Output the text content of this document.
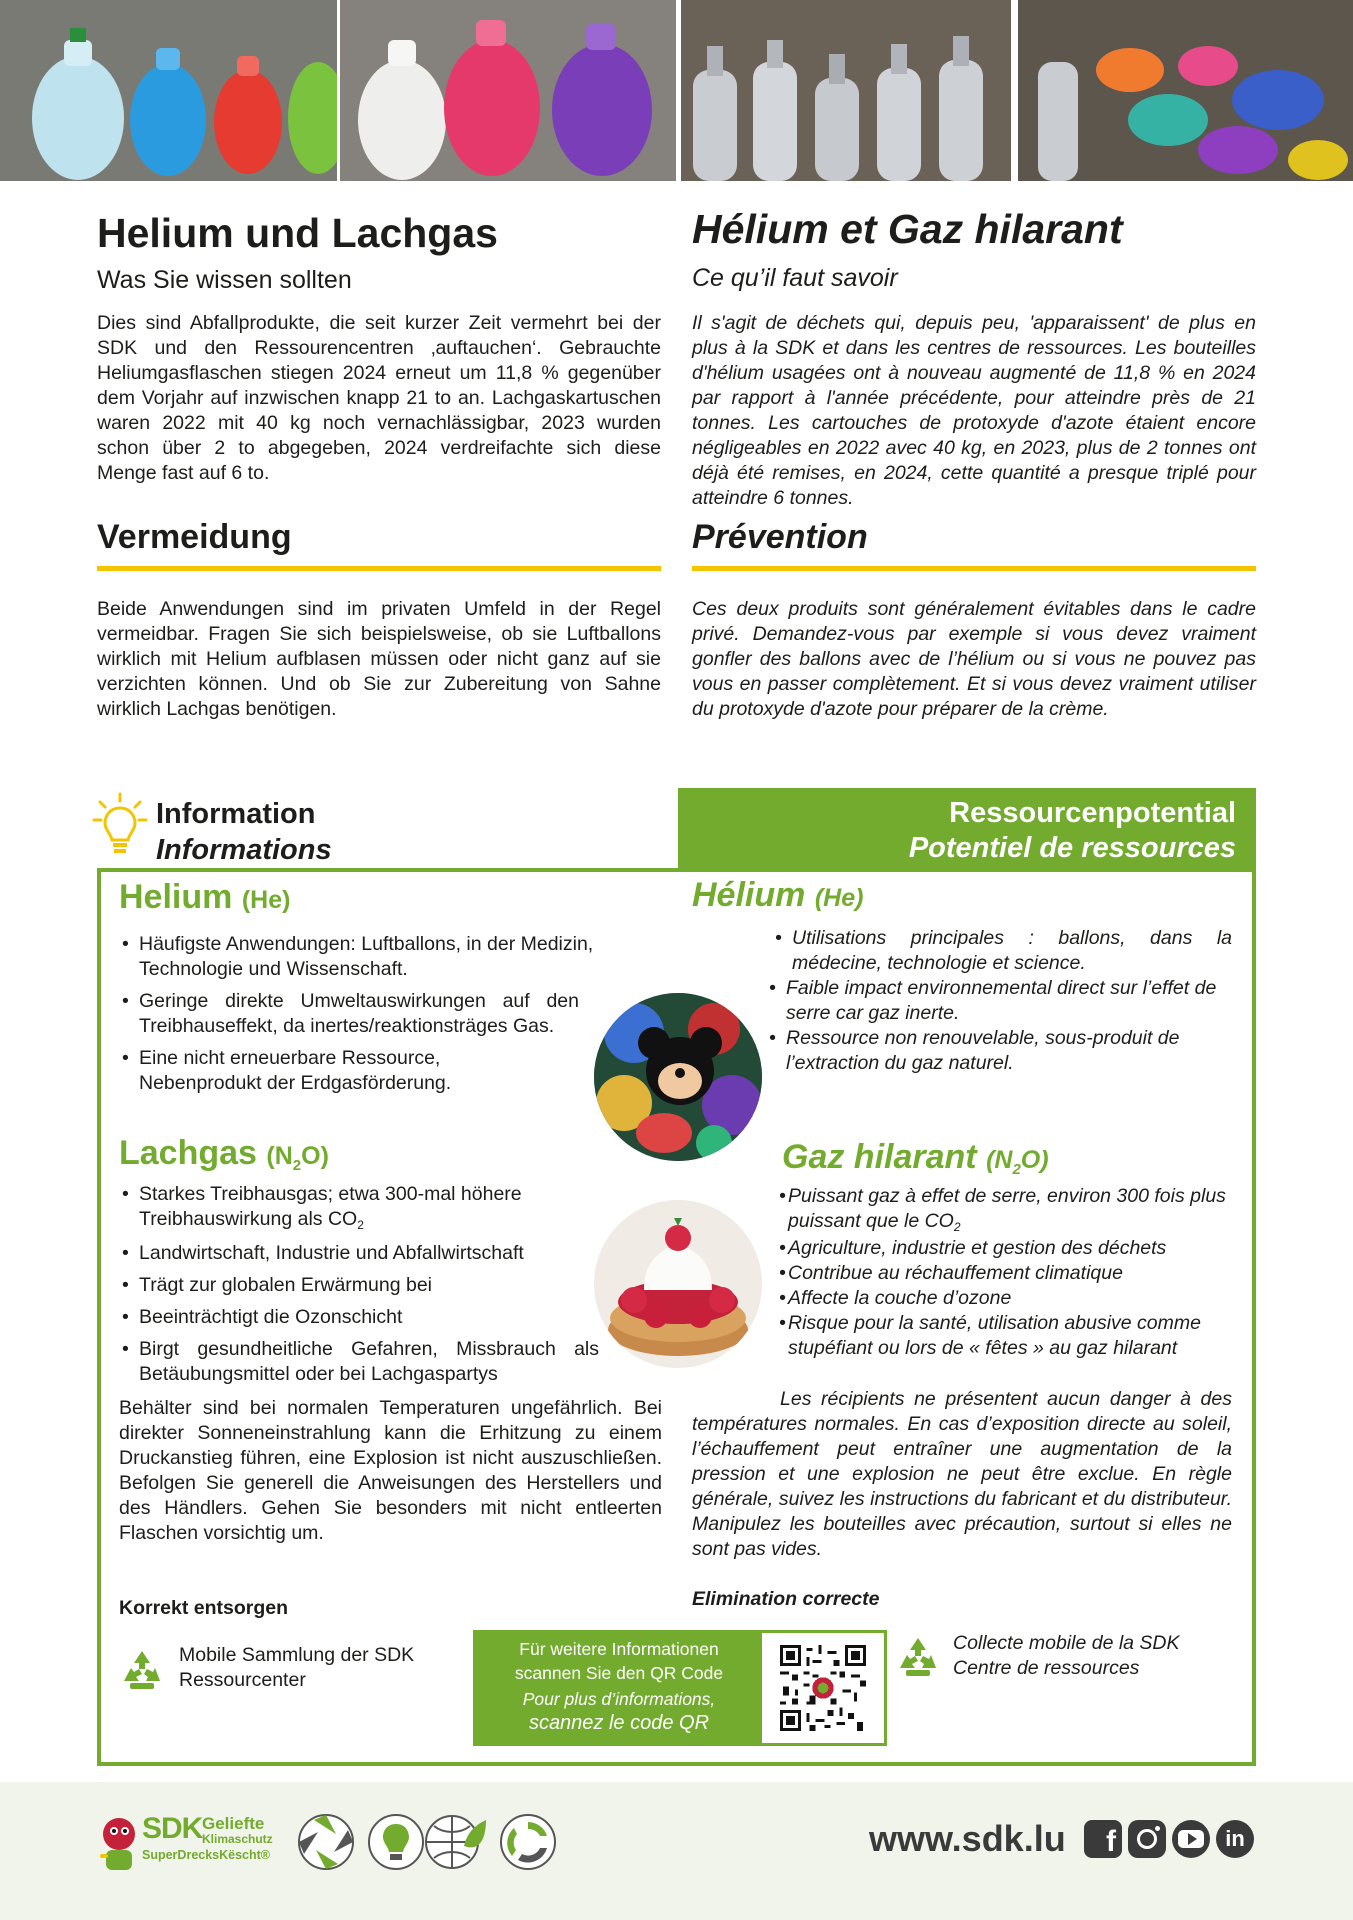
Helium und Lachgas
Was Sie wissen sollten
Dies sind Abfallprodukte, die seit kurzer Zeit vermehrt bei der SDK und den Ressourencentren ‚auftauchen‘. Gebrauchte Heliumgasflaschen stiegen 2024 erneut um 11,8 % gegenüber dem Vorjahr auf inzwischen knapp 21 to an. Lachgaskartuschen waren 2022 mit 40 kg noch vernachlässigbar, 2023 wurden schon über 2 to abgegeben, 2024 verdreifachte sich diese Menge fast auf 6 to.
Hélium et Gaz hilarant
Ce qu’il faut savoir
Il s'agit de déchets qui, depuis peu, 'apparaissent' de plus en plus à la SDK et dans les centres de ressources. Les bouteilles d'hélium usagées ont à nouveau augmenté de 11,8 % en 2024 par rapport à l'année précédente, pour atteindre près de 21 tonnes. Les cartouches de protoxyde d'azote étaient encore négligeables en 2022 avec 40 kg, en 2023, plus de 2 tonnes ont déjà été remises, en 2024, cette quantité a presque triplé pour atteindre 6 tonnes.
Vermeidung
Beide Anwendungen sind im privaten Umfeld in der Regel vermeidbar. Fragen Sie sich beispielsweise, ob sie Luftballons wirklich mit Helium aufblasen müssen oder nicht ganz auf sie verzichten können. Und ob Sie zur Zubereitung von Sahne wirklich Lachgas benötigen.
Prévention
Ces deux produits sont généralement évitables dans le cadre privé. Demandez-vous par exemple si vous devez vraiment gonfler des ballons avec de l’hélium ou si vous ne pouvez pas vous en passer complètement. Et si vous devez vraiment utiliser du protoxyde d'azote pour préparer de la crème.
Information
Informations
Ressourcenpotential
Potentiel de ressources
Helium (He)
• Häufigste Anwendungen: Luftballons, in der Medizin, Technologie und Wissenschaft.
• Geringe direkte Umweltauswirkungen auf den Treibhauseffekt, da inertes/reaktionsträges Gas.
• Eine nicht erneuerbare Ressource, Nebenprodukt der Erdgasförderung.
Hélium (He)
• Utilisations principales : ballons, dans la médecine, technologie et science.
• Faible impact environnemental direct sur l’effet de serre car gaz inerte.
• Ressource non renouvelable, sous-produit de l’extraction du gaz naturel.
Lachgas $(N_2O)$
• Starkes Treibhausgas; etwa 300-mal höhere Treibhauswirkung als $CO_2$
• Landwirtschaft, Industrie und Abfallwirtschaft
• Trägt zur globalen Erwärmung bei
• Beeinträchtigt die Ozonschicht
• Birgt gesundheitliche Gefahren, Missbrauch als Betäubungsmittel oder bei Lachgaspartys
Gaz hilarant $(N_2O)$
• Puissant gaz à effet de serre, environ 300 fois plus puissant que le $CO_2$
• Agriculture, industrie et gestion des déchets
• Contribue au réchauffement climatique
• Affecte la couche d’ozone
• Risque pour la santé, utilisation abusive comme stupéfiant ou lors de « fêtes » au gaz hilarant
Behälter sind bei normalen Temperaturen ungefährlich. Bei direkter Sonneneinstrahlung kann die Erhitzung zu einem Druckanstieg führen, eine Explosion ist nicht auszuschließen. Befolgen Sie generell die Anweisungen des Herstellers und des Händlers. Gehen Sie besonders mit nicht entleerten Flaschen vorsichtig um.
Les récipients ne présentent aucun danger à des températures normales. En cas d’exposition directe au soleil, l’échauffement peut entraîner une augmentation de la pression et une explosion ne peut être exclue. En règle générale, suivez les instructions du fabricant et du distributeur. Manipulez les bouteilles avec précaution, surtout si elles ne sont pas vides.
Korrekt entsorgen	Elimination correcte
Mobile Sammlung der SDK
Ressourcenter
Für weitere Informationen
scannen Sie den QR Code
Pour plus d’informations,
scannez le code QR
Collecte mobile de la SDK
Centre de ressources
SDK Geliefte
Klimaschutz
SuperDrecksKëscht®	www.sdk.lu	f	in
